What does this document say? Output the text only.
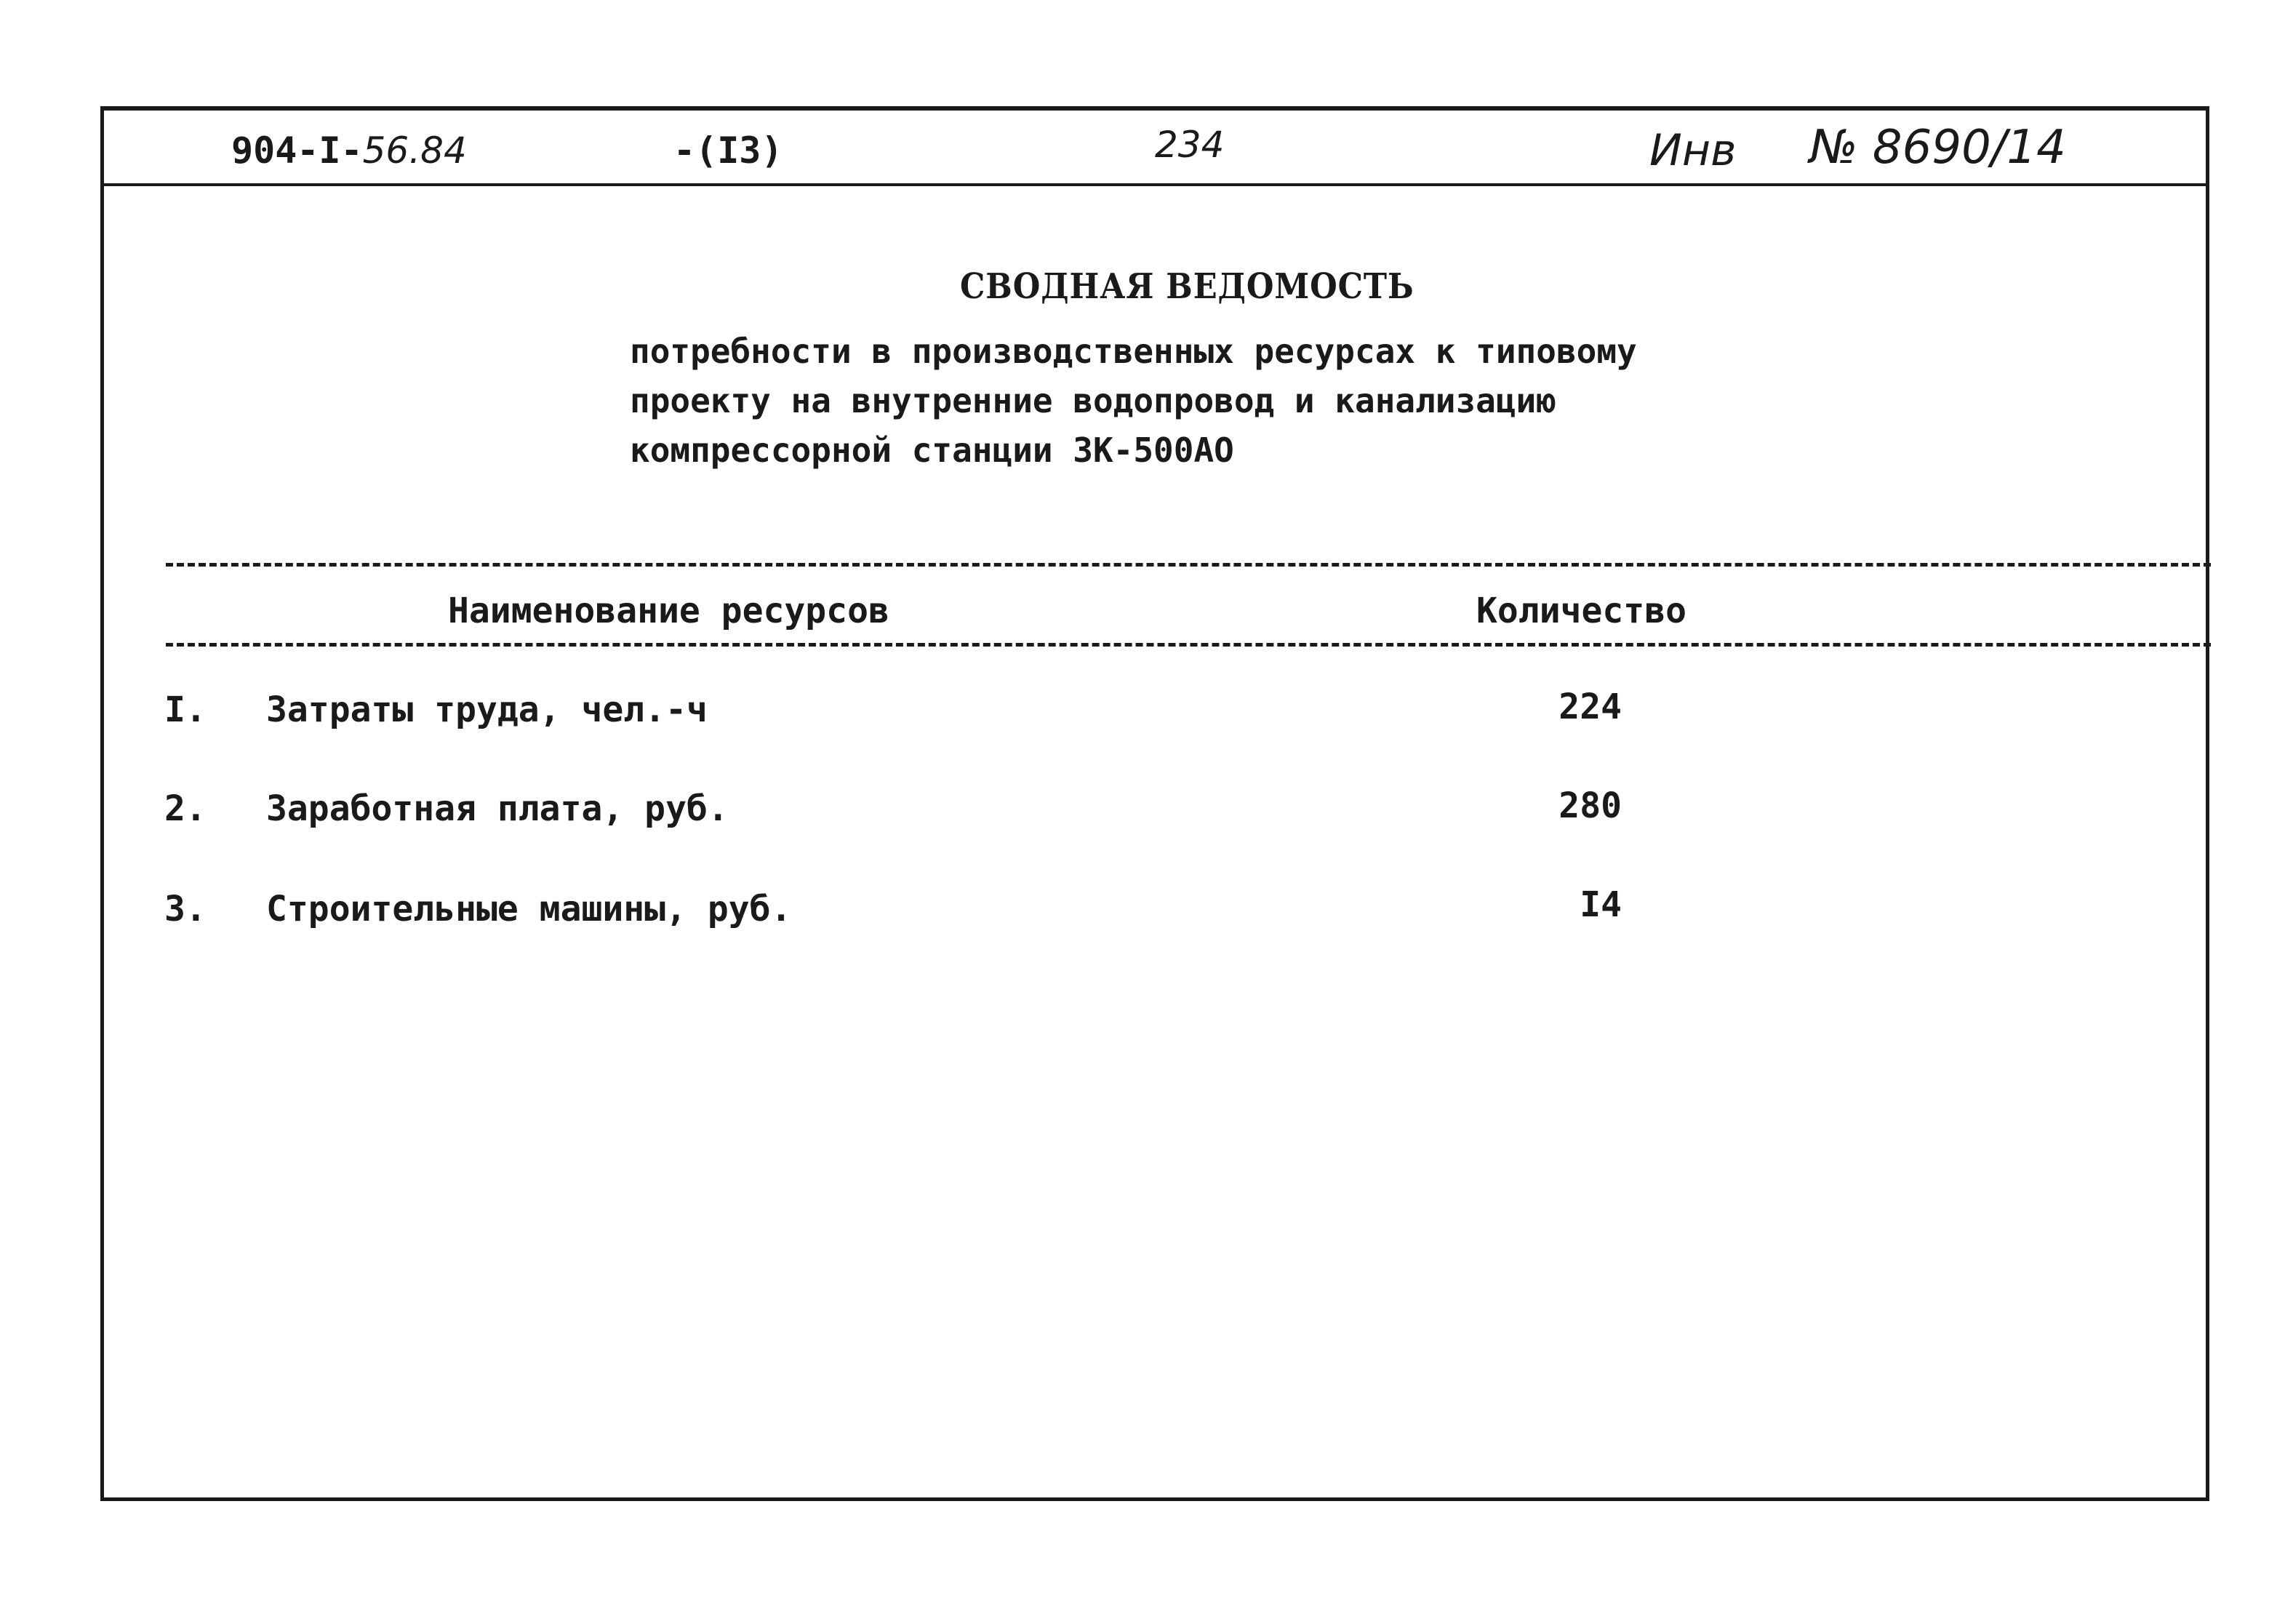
904-I-56.84	-(I3)	234	Инв № 8690/14
СВОДНАЯ ВЕДОМОСТЬ
потребности в производственных ресурсах к типовому
проекту на внутренние водопровод и канализацию
компрессорной станции ЗК-500АО
Наименование ресурсов	Количество
I. Затраты труда, чел.-ч	224
2. Заработная плата, руб.	280
3. Строительные машины, руб.	I4
